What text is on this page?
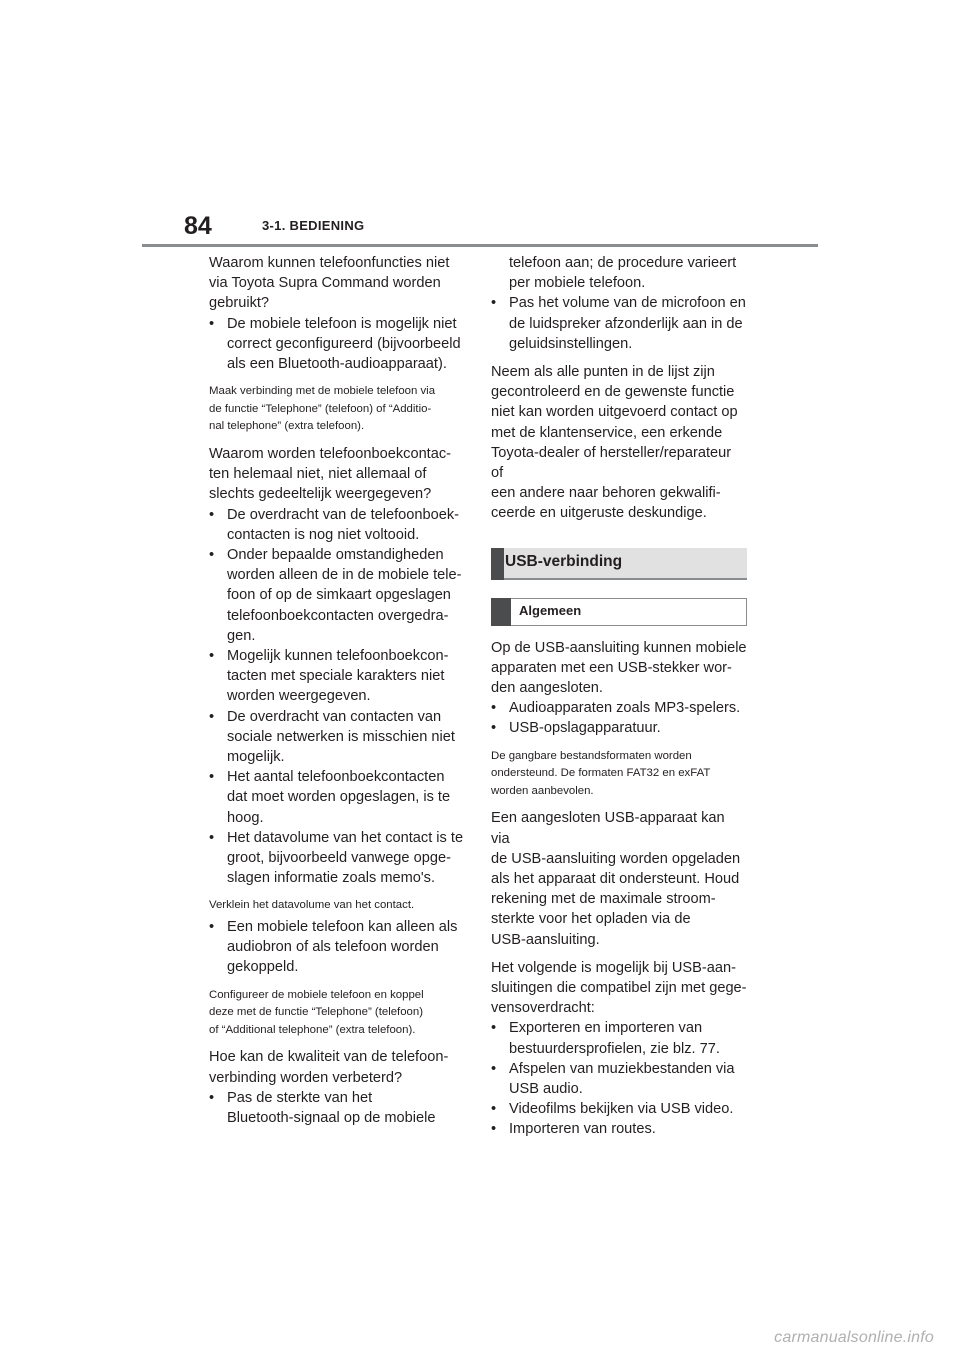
84	3-1. BEDIENING
Waarom kunnen telefoonfuncties niet
via Toyota Supra Command worden
gebruikt?
• De mobiele telefoon is mogelijk niet
correct geconfigureerd (bijvoorbeeld
als een Bluetooth-audioapparaat).
Maak verbinding met de mobiele telefoon via
de functie “Telephone” (telefoon) of “Additio-
nal telephone” (extra telefoon).
Waarom worden telefoonboekcontac-
ten helemaal niet, niet allemaal of
slechts gedeeltelijk weergegeven?
• De overdracht van de telefoonboek-
contacten is nog niet voltooid.
• Onder bepaalde omstandigheden
worden alleen de in de mobiele tele-
foon of op de simkaart opgeslagen
telefoonboekcontacten overgedra-
gen.
• Mogelijk kunnen telefoonboekcon-
tacten met speciale karakters niet
worden weergegeven.
• De overdracht van contacten van
sociale netwerken is misschien niet
mogelijk.
• Het aantal telefoonboekcontacten
dat moet worden opgeslagen, is te
hoog.
• Het datavolume van het contact is te
groot, bijvoorbeeld vanwege opge-
slagen informatie zoals memo's.
Verklein het datavolume van het contact.
• Een mobiele telefoon kan alleen als
audiobron of als telefoon worden
gekoppeld.
Configureer de mobiele telefoon en koppel
deze met de functie “Telephone” (telefoon)
of “Additional telephone” (extra telefoon).
Hoe kan de kwaliteit van de telefoon-
verbinding worden verbeterd?
• Pas de sterkte van het
Bluetooth-signaal op de mobiele
telefoon aan; de procedure varieert
per mobiele telefoon.
• Pas het volume van de microfoon en
de luidspreker afzonderlijk aan in de
geluidsinstellingen.
Neem als alle punten in de lijst zijn
gecontroleerd en de gewenste functie
niet kan worden uitgevoerd contact op
met de klantenservice, een erkende
Toyota-dealer of hersteller/reparateur of
een andere naar behoren gekwalifi-
ceerde en uitgeruste deskundige.
USB-verbinding
Algemeen
Op de USB-aansluiting kunnen mobiele
apparaten met een USB-stekker wor-
den aangesloten.
• Audioapparaten zoals MP3-spelers.
• USB-opslagapparatuur.
De gangbare bestandsformaten worden
ondersteund. De formaten FAT32 en exFAT
worden aanbevolen.
Een aangesloten USB-apparaat kan via
de USB-aansluiting worden opgeladen
als het apparaat dit ondersteunt. Houd
rekening met de maximale stroom-
sterkte voor het opladen via de
USB-aansluiting.
Het volgende is mogelijk bij USB-aan-
sluitingen die compatibel zijn met gege-
vensoverdracht:
• Exporteren en importeren van
bestuurdersprofielen, zie blz. 77.
• Afspelen van muziekbestanden via
USB audio.
• Videofilms bekijken via USB video.
• Importeren van routes.
carmanualsonline.info
